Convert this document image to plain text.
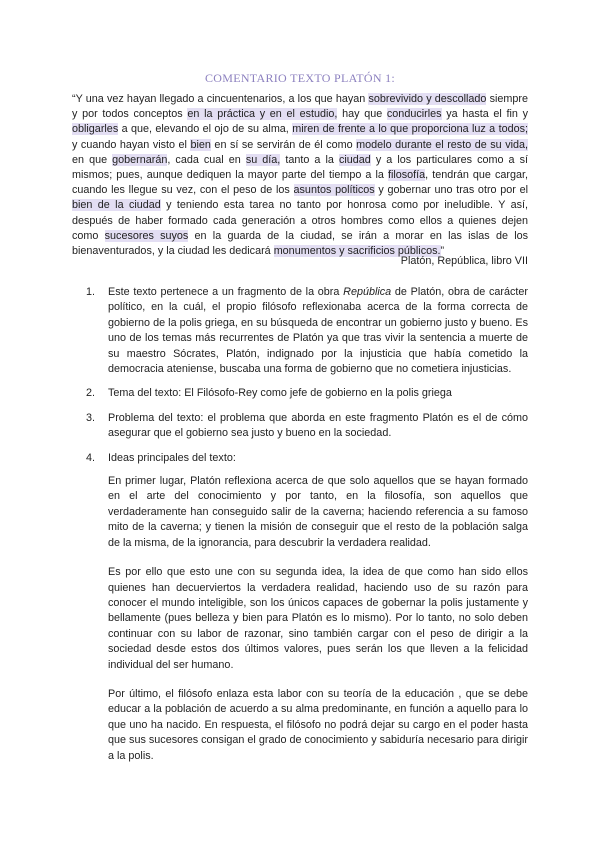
COMENTARIO TEXTO PLATÓN 1:
“Y una vez hayan llegado a cincuentenarios, a los que hayan sobrevivido y descollado siempre y por todos conceptos en la práctica y en el estudio, hay que conducirles ya hasta el fin y obligarles a que, elevando el ojo de su alma, miren de frente a lo que proporciona luz a todos; y cuando hayan visto el bien en sí se servirán de él como modelo durante el resto de su vida, en que gobernarán, cada cual en su día, tanto a la ciudad y a los particulares como a sí mismos; pues, aunque dediquen la mayor parte del tiempo a la filosofía, tendrán que cargar, cuando les llegue su vez, con el peso de los asuntos políticos y gobernar uno tras otro por el bien de la ciudad y teniendo esta tarea no tanto por honrosa como por ineludible. Y así, después de haber formado cada generación a otros hombres como ellos a quienes dejen como sucesores suyos en la guarda de la ciudad, se irán a morar en las islas de los bienaventurados, y la ciudad les dedicará monumentos y sacrificios públicos.”
Platón, República, libro VII
1. Este texto pertenece a un fragmento de la obra República de Platón, obra de carácter político, en la cuál, el propio filósofo reflexionaba acerca de la forma correcta de gobierno de la polis griega, en su búsqueda de encontrar un gobierno justo y bueno. Es uno de los temas más recurrentes de Platón ya que tras vivir la sentencia a muerte de su maestro Sócrates, Platón, indignado por la injusticia que había cometido la democracia ateniense, buscaba una forma de gobierno que no cometiera injusticias.

2. Tema del texto: El Filósofo-Rey como jefe de gobierno en la polis griega

3. Problema del texto: el problema que aborda en este fragmento Platón es el de cómo asegurar que el gobierno sea justo y bueno en la sociedad.

4. Ideas principales del texto:

En primer lugar, Platón reflexiona acerca de que solo aquellos que se hayan formado en el arte del conocimiento y por tanto, en la filosofía, son aquellos que verdaderamente han conseguido salir de la caverna; haciendo referencia a su famoso mito de la caverna; y tienen la misión de conseguir que el resto de la población salga de la misma, de la ignorancia, para descubrir la verdadera realidad.

Es por ello que esto une con su segunda idea, la idea de que como han sido ellos quienes han decuerviertos la verdadera realidad, haciendo uso de su razón para conocer el mundo inteligible, son los únicos capaces de gobernar la polis justamente y bellamente (pues belleza y bien para Platón es lo mismo). Por lo tanto, no solo deben continuar con su labor de razonar, sino también cargar con el peso de dirigir a la sociedad desde estos dos últimos valores, pues serán los que lleven a la felicidad individual del ser humano.

Por último, el filósofo enlaza esta labor con su teoría de la educación , que se debe educar a la población de acuerdo a su alma predominante, en función a aquello para lo que uno ha nacido. En respuesta, el filósofo no podrá dejar su cargo en el poder hasta que sus sucesores consigan el grado de conocimiento y sabiduría necesario para dirigir a la polis.
